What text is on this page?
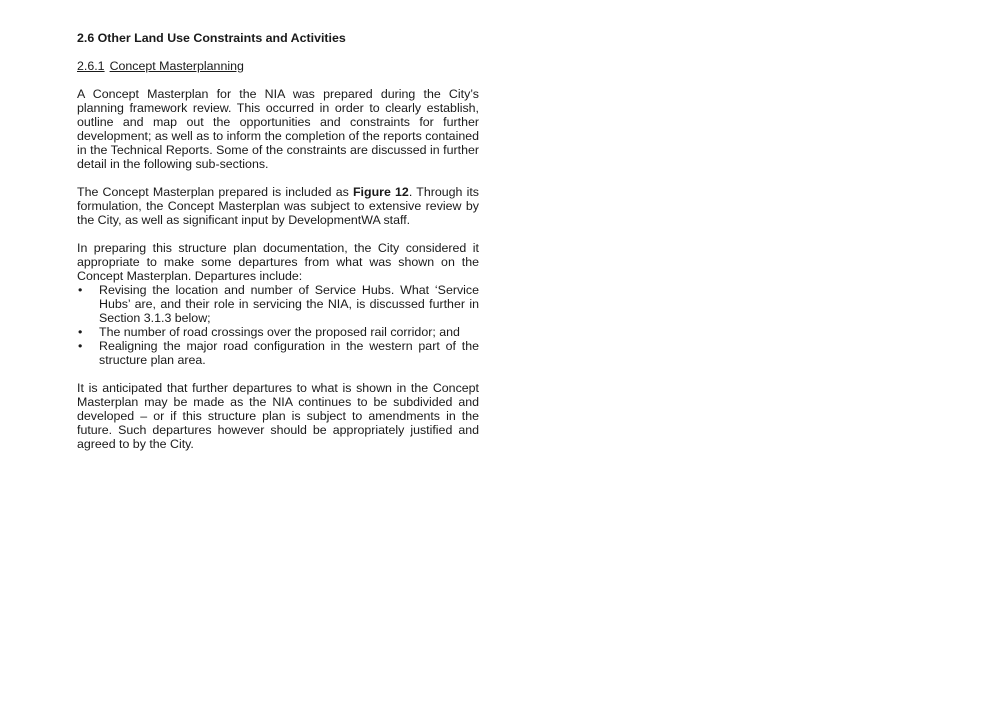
2.6 Other Land Use Constraints and Activities
2.6.1 Concept Masterplanning

A Concept Masterplan for the NIA was prepared during the City’s planning framework review. This occurred in order to clearly establish, outline and map out the opportunities and constraints for further development; as well as to inform the completion of the reports contained in the Technical Reports. Some of the constraints are discussed in further detail in the following sub-sections.

The Concept Masterplan prepared is included as Figure 12. Through its formulation, the Concept Masterplan was subject to extensive review by the City, as well as significant input by DevelopmentWA staff.

In preparing this structure plan documentation, the City considered it appropriate to make some departures from what was shown on the Concept Masterplan. Departures include:

• Revising the location and number of Service Hubs. What ‘Service Hubs’ are, and their role in servicing the NIA, is discussed further in Section 3.1.3 below;
• The number of road crossings over the proposed rail corridor; and
• Realigning the major road configuration in the western part of the structure plan area.

It is anticipated that further departures to what is shown in the Concept Masterplan may be made as the NIA continues to be subdivided and developed – or if this structure plan is subject to amendments in the future. Such departures however should be appropriately justified and agreed to by the City.
